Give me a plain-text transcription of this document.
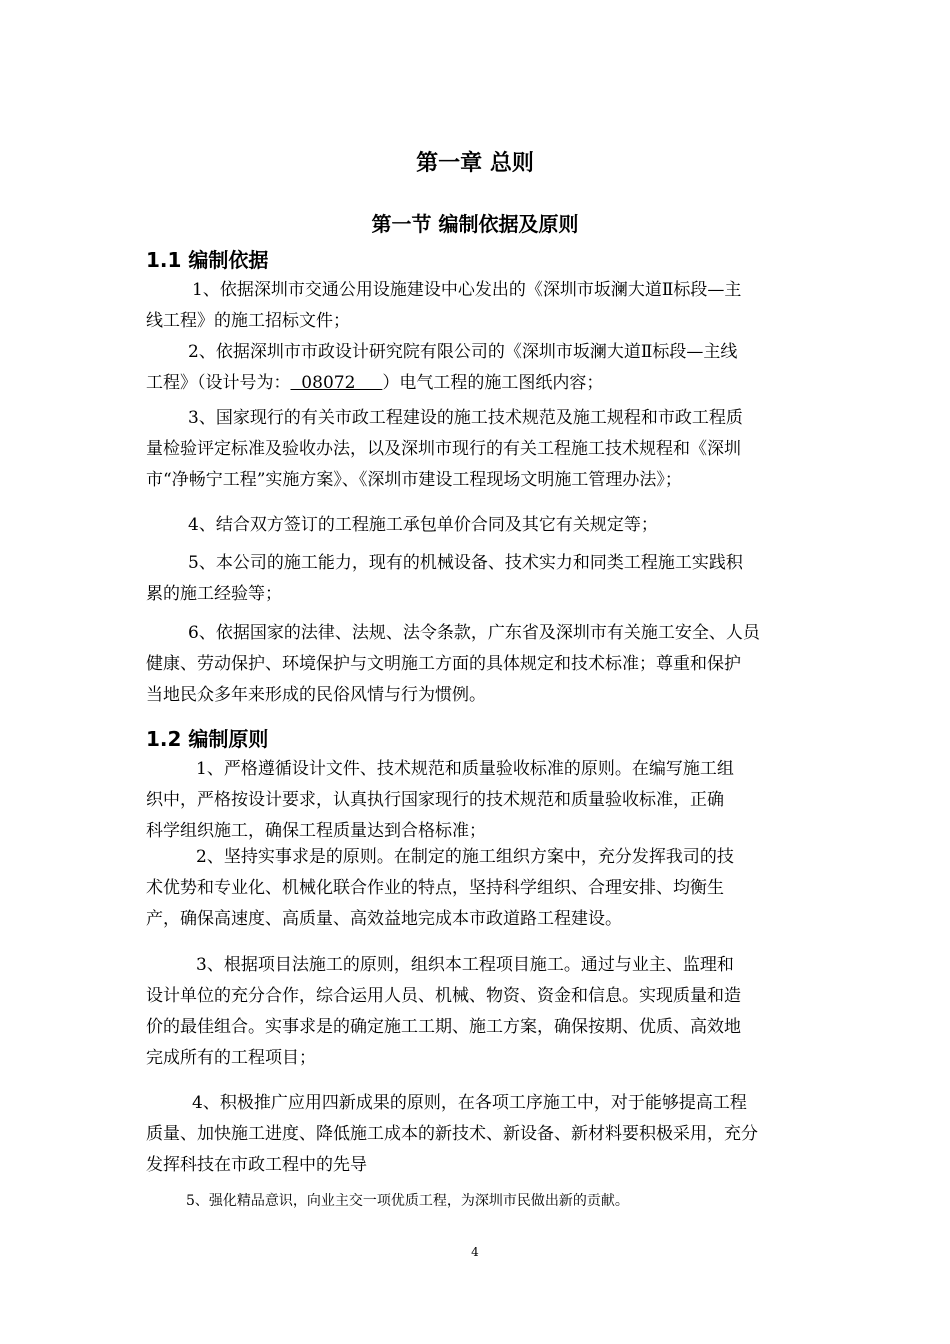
第一章 总则
第一节 编制依据及原则
1.1 编制依据
1、依据深圳市交通公用设施建设中心发出的《深圳市坂澜大道Ⅱ标段—主
线工程》的施工招标文件；
2、依据深圳市市政设计研究院有限公司的《深圳市坂澜大道Ⅱ标段—主线
工程》（设计号为：  08072     ）电气工程的施工图纸内容；
3、国家现行的有关市政工程建设的施工技术规范及施工规程和市政工程质
量检验评定标准及验收办法，以及深圳市现行的有关工程施工技术规程和《深圳
市“净畅宁工程”实施方案》、《深圳市建设工程现场文明施工管理办法》；
4、结合双方签订的工程施工承包单价合同及其它有关规定等；
5、本公司的施工能力，现有的机械设备、技术实力和同类工程施工实践积
累的施工经验等；
6、依据国家的法律、法规、法令条款，广东省及深圳市有关施工安全、人员
健康、劳动保护、环境保护与文明施工方面的具体规定和技术标准；尊重和保护
当地民众多年来形成的民俗风情与行为惯例。
1.2 编制原则
1、严格遵循设计文件、技术规范和质量验收标准的原则。在编写施工组
织中，严格按设计要求，认真执行国家现行的技术规范和质量验收标准，正确
科学组织施工，确保工程质量达到合格标准；
2、坚持实事求是的原则。在制定的施工组织方案中，充分发挥我司的技
术优势和专业化、机械化联合作业的特点，坚持科学组织、合理安排、均衡生
产，确保高速度、高质量、高效益地完成本市政道路工程建设。
3、根据项目法施工的原则，组织本工程项目施工。通过与业主、监理和
设计单位的充分合作，综合运用人员、机械、物资、资金和信息。实现质量和造
价的最佳组合。实事求是的确定施工工期、施工方案，确保按期、优质、高效地
完成所有的工程项目；
4、积极推广应用四新成果的原则，在各项工序施工中，对于能够提高工程
质量、加快施工进度、降低施工成本的新技术、新设备、新材料要积极采用，充分
发挥科技在市政工程中的先导
5、强化精品意识，向业主交一项优质工程，为深圳市民做出新的贡献。
4
